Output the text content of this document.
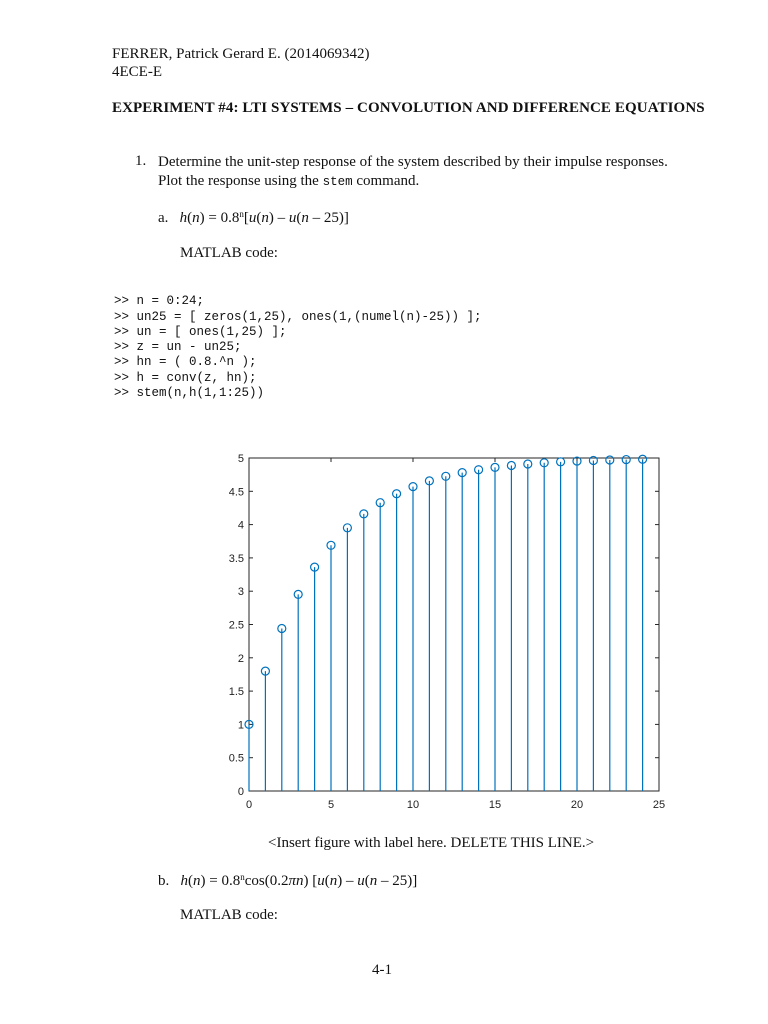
FERRER, Patrick Gerard E. (2014069342)
4ECE-E
EXPERIMENT #4: LTI SYSTEMS – CONVOLUTION AND DIFFERENCE EQUATIONS
1. Determine the unit-step response of the system described by their impulse responses.
Plot the response using the stem command.
a. $h(n) = 0.8^n[u(n) - u(n - 25)]$
MATLAB code:

>> n = 0:24;
>> un25 = [ zeros(1,25), ones(1,(numel(n)-25)) ];
>> un = [ ones(1,25) ];
>> z = un - un25;
>> hn = ( 0.8.^n );
>> h = conv(z, hn);
>> stem(n,h(1,1:25))

0
0.5
1
1.5
2
2.5
3
3.5
4
4.5
5
0	5	10	15	20	25
<Insert figure with label here. DELETE THIS LINE.>
b. $h(n) = 0.8^n\cos(0.2\pi n)$ [u(n) – u(n – 25)]
MATLAB code:
4-1
